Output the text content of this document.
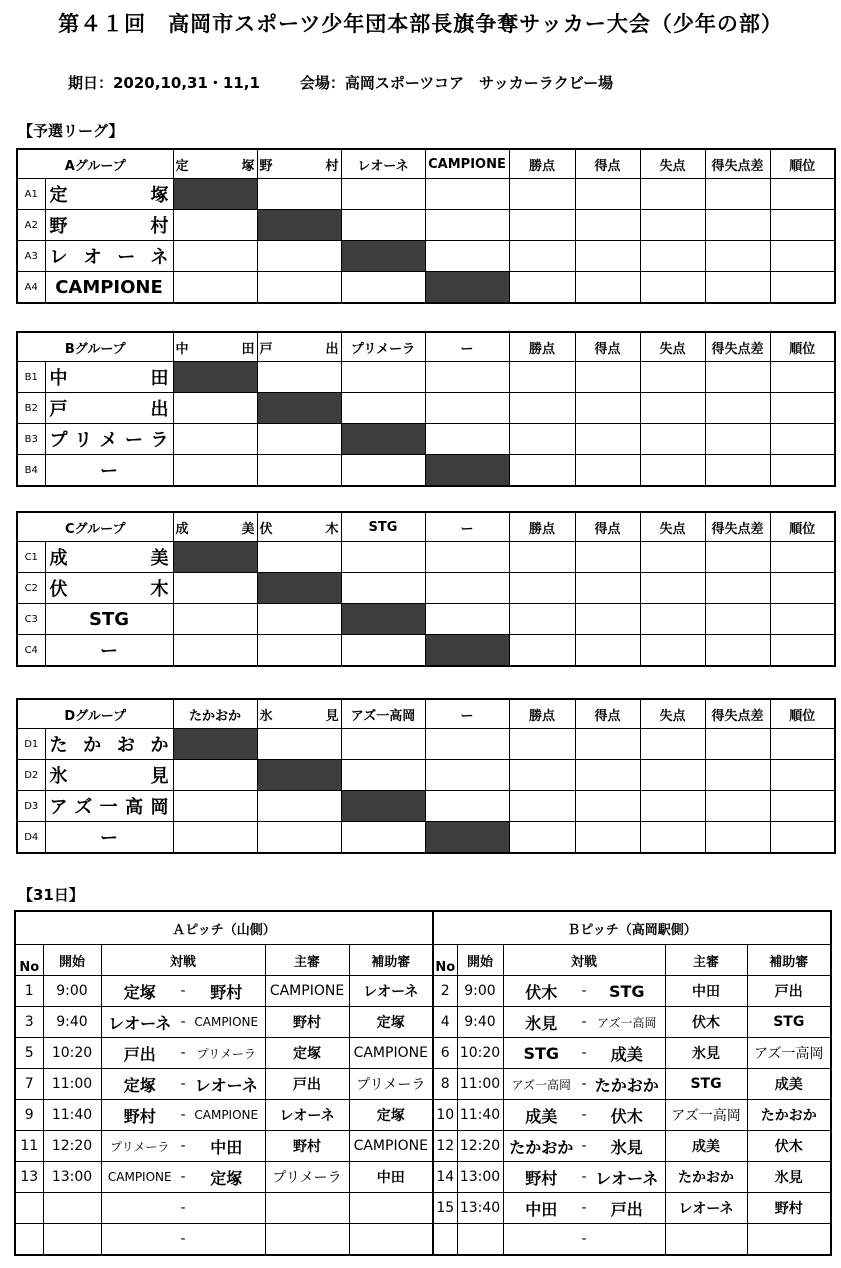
第４１回　高岡市スポーツ少年団本部長旗争奪サッカー大会（少年の部）
期日：2020,10,31・11,1	会場：高岡スポーツコア　サッカーラクビー場
【予選リーグ】
Aグループ		定　　塚	野　　村	レオーネ	CAMPIONE	勝点	得点	失点	得失点差	順位
A1	定塚									
A2	野村									
A3	レオーネ									
A4	CAMPIONE									
Bグループ		中　　田	戸　　出	プリメーラ	ー	勝点	得点	失点	得失点差	順位
B1	中田									
B2	戸出									
B3	プリメーラ									
B4	ー									
Cグループ		成　　美	伏　　木	STG	ー	勝点	得点	失点	得失点差	順位
C1	成美									
C2	伏木									
C3	STG									
C4	ー									
Dグループ		たかおか	氷　　見	アズ一高岡	ー	勝点	得点	失点	得失点差	順位
D1	たかおか									
D2	氷見									
D3	アズ一高岡									
D4	ー									
【31日】
Ａピッチ（山側）					Ｂピッチ（高岡駅側）				
No	開始	対戦	主審	補助審	No	開始	対戦	主審	補助審
1	9:00	定塚 - 野村	CAMPIONE	レオーネ	2	9:00	伏木 - STG	中田	戸出
3	9:40	レオーネ - CAMPIONE	野村	定塚	4	9:40	氷見 - アズ一高岡	伏木	STG
5	10:20	戸出 - プリメーラ	定塚	CAMPIONE	6	10:20	STG - 成美	氷見	アズ一高岡
7	11:00	定塚 - レオーネ	戸出	プリメーラ	8	11:00	アズ一高岡 - たかおか	STG	成美
9	11:40	野村 - CAMPIONE	レオーネ	定塚	10	11:40	成美 - 伏木	アズ一高岡	たかおか
11	12:20	プリメーラ - 中田	野村	CAMPIONE	12	12:20	たかおか - 氷見	成美	伏木
13	13:00	CAMPIONE - 定塚	プリメーラ	中田	14	13:00	野村 - レオーネ	たかおか	氷見

		-			15	13:40	中田 - 戸出	レオーネ	野村

		-					-		
